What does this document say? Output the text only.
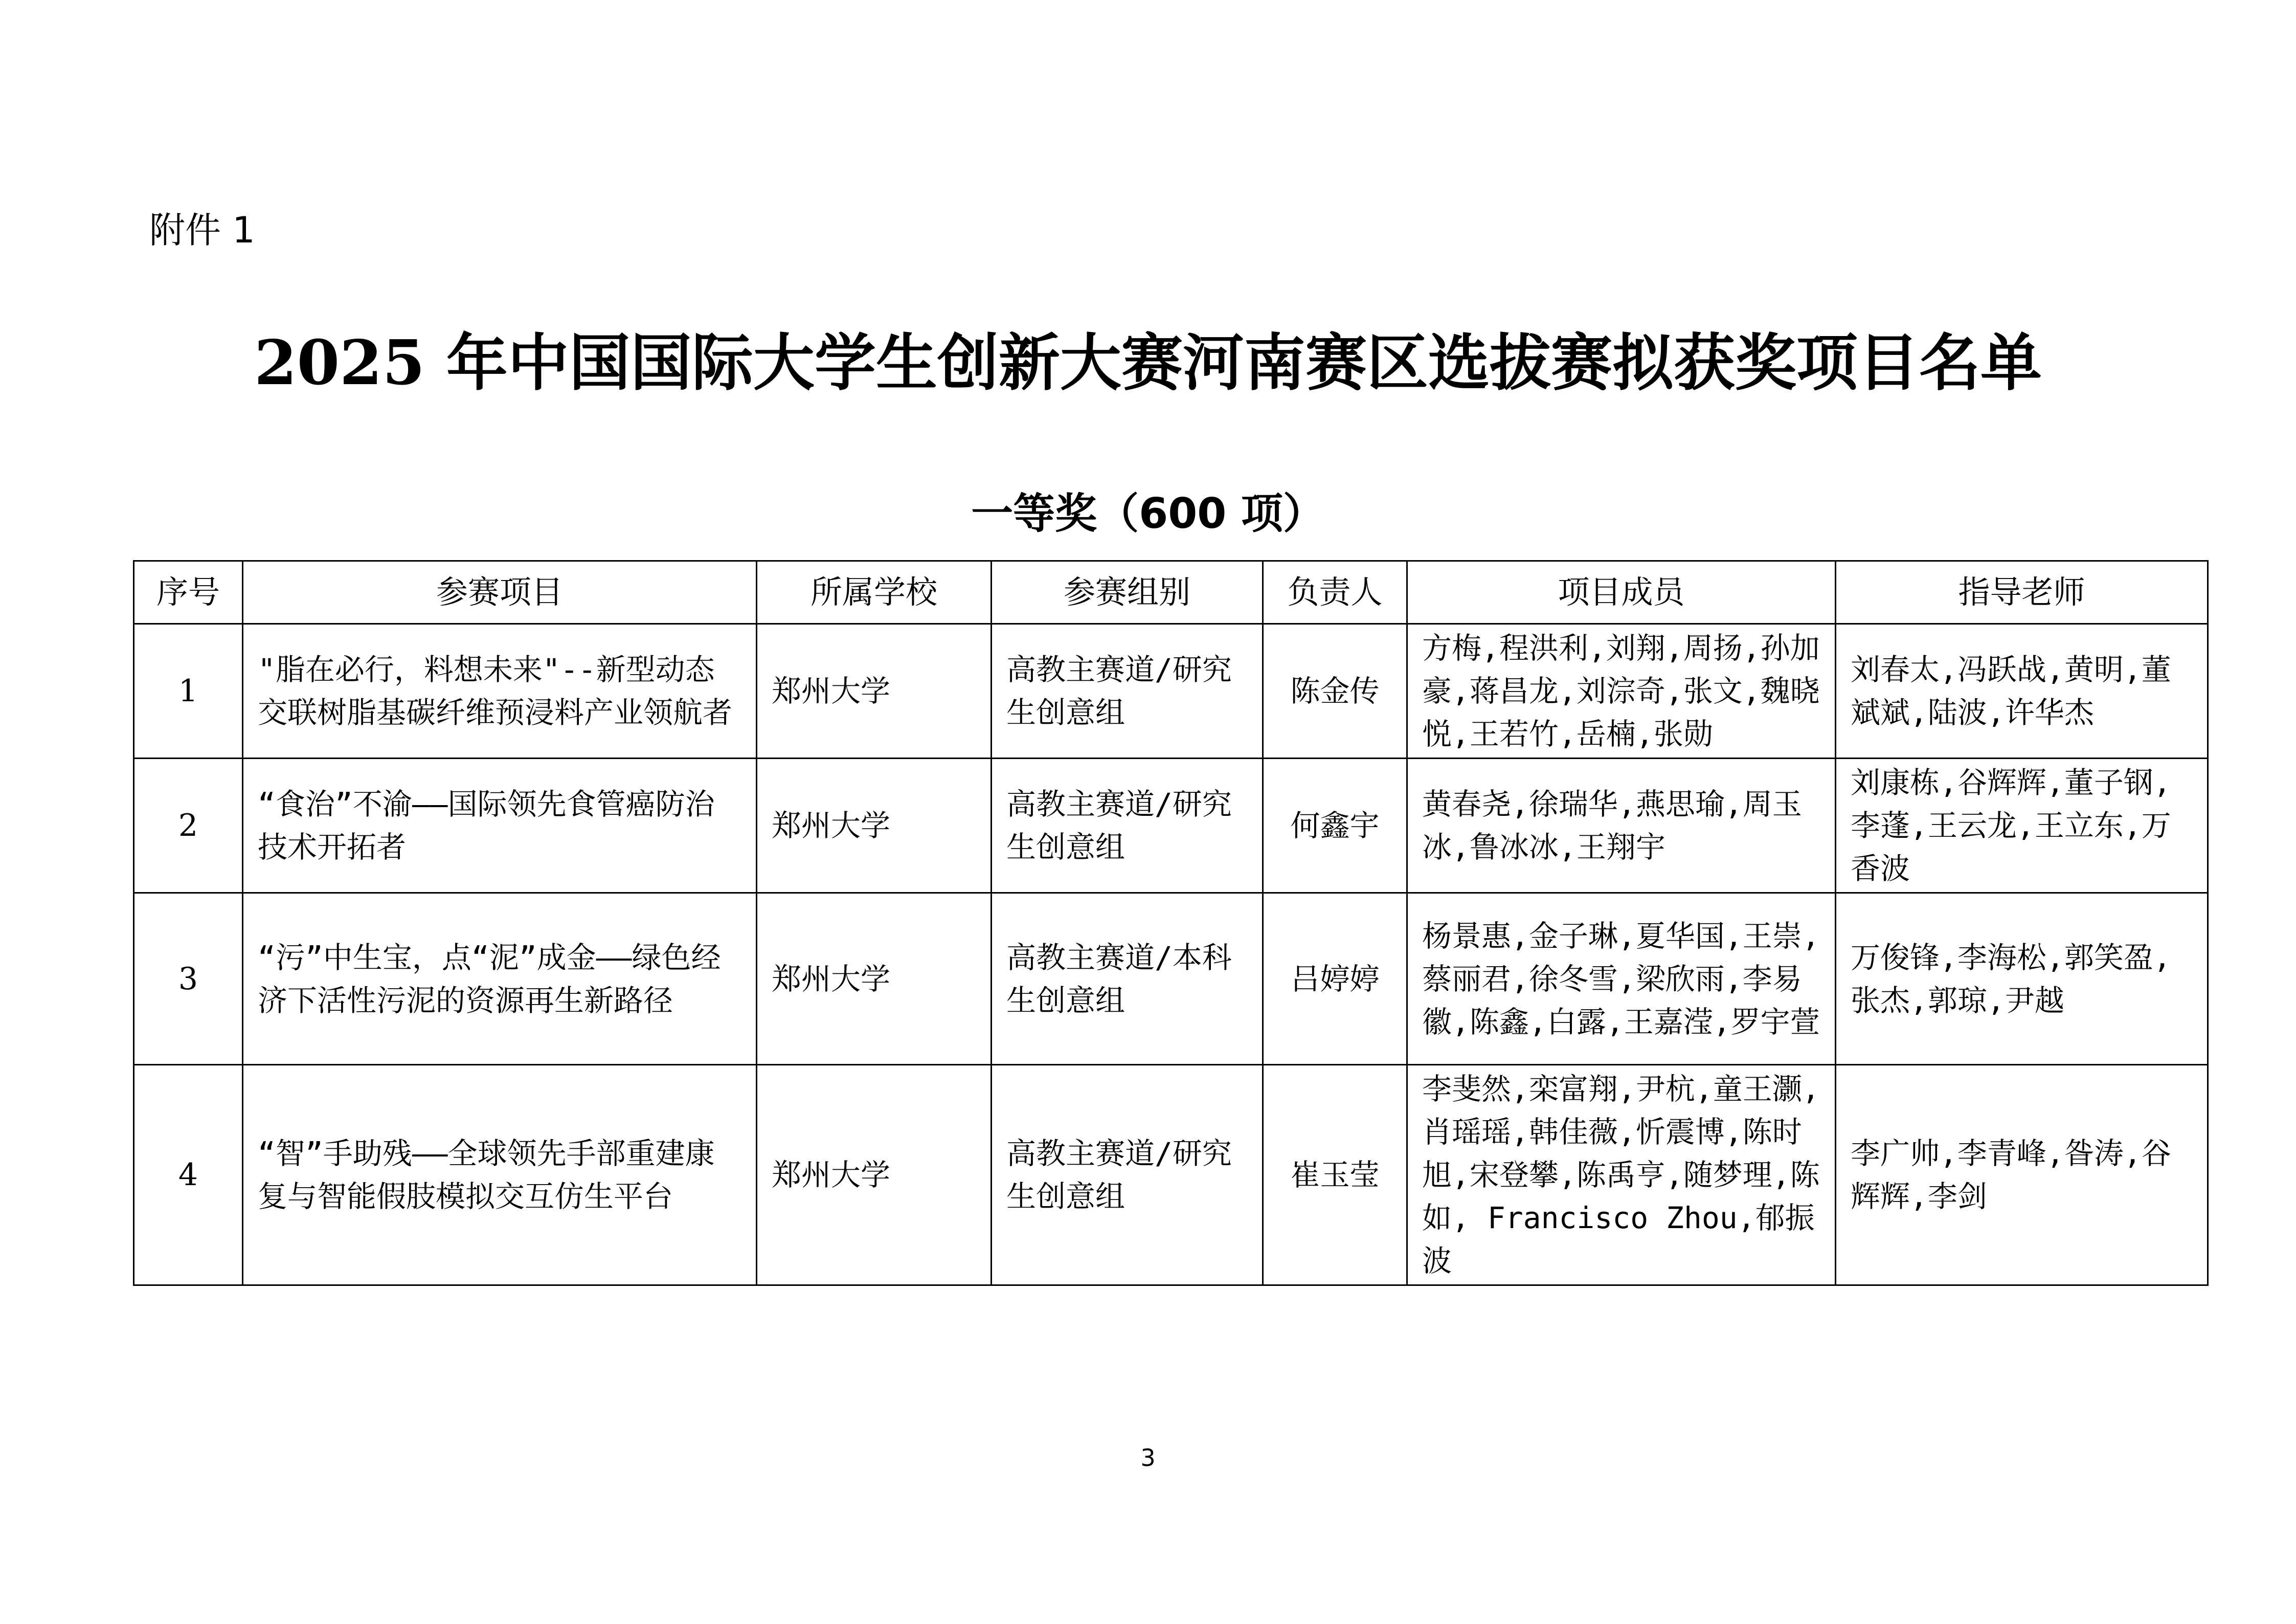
附件 1
2025 年中国国际大学生创新大赛河南赛区选拔赛拟获奖项目名单
一等奖（600 项）
序号	参赛项目	所属学校	参赛组别	负责人	项目成员	指导老师
1	"脂在必行，料想未来"--新型动态交联树脂基碳纤维预浸料产业领航者	郑州大学	高教主赛道/研究生创意组	陈金传	方梅,程洪利,刘翔,周扬,孙加豪,蒋昌龙,刘淙奇,张文,魏晓悦,王若竹,岳楠,张勋	刘春太,冯跃战,黄明,董斌斌,陆波,许华杰
2	“食治”不渝——国际领先食管癌防治技术开拓者	郑州大学	高教主赛道/研究生创意组	何鑫宇	黄春尧,徐瑞华,燕思瑜,周玉冰,鲁冰冰,王翔宇	刘康栋,谷辉辉,董子钢,李蓬,王云龙,王立东,万香波
3	“污”中生宝，点“泥”成金——绿色经济下活性污泥的资源再生新路径	郑州大学	高教主赛道/本科生创意组	吕婷婷	杨景惠,金子琳,夏华国,王崇,蔡丽君,徐冬雪,梁欣雨,李易徽,陈鑫,白露,王嘉滢,罗宇萱	万俊锋,李海松,郭笑盈,张杰,郭琼,尹越
4	“智”手助残——全球领先手部重建康复与智能假肢模拟交互仿生平台	郑州大学	高教主赛道/研究生创意组	崔玉莹	李斐然,栾富翔,尹杭,童王灏,肖瑶瑶,韩佳薇,忻震博,陈时旭,宋登攀,陈禹亨,随梦理,陈如, Francisco Zhou,郁振波	李广帅,李青峰,昝涛,谷辉辉,李剑
3
